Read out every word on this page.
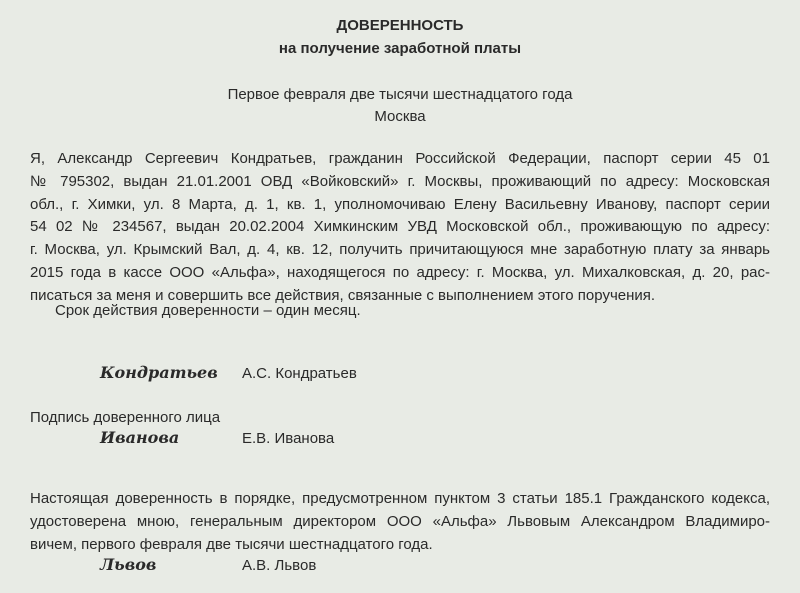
ДОВЕРЕННОСТЬ
на получение заработной платы
Первое февраля две тысячи шестнадцатого года
Москва
Я, Александр Сергеевич Кондратьев, гражданин Российской Федерации, паспорт серии 45 01
№ 795302, выдан 21.01.2001 ОВД «Войковский» г. Москвы, проживающий по адресу: Московская
обл., г. Химки, ул. 8 Марта, д. 1, кв. 1, уполномочиваю Елену Васильевну Иванову, паспорт серии
54 02 № 234567, выдан 20.02.2004 Химкинским УВД Московской обл., проживающую по адресу:
г. Москва, ул. Крымский Вал, д. 4, кв. 12, получить причитающуюся мне заработную плату за январь
2015 года в кассе ООО «Альфа», находящегося по адресу: г. Москва, ул. Михалковская, д. 20, рас-
писаться за меня и совершить все действия, связанные с выполнением этого поручения.
Срок действия доверенности – один месяц.
Кондратьев А.С. Кондратьев
Подпись доверенного лица
Иванова	Е.В. Иванова
Настоящая доверенность в порядке, предусмотренном пунктом 3 статьи 185.1 Гражданского кодекса,
удостоверена мною, генеральным директором ООО «Альфа» Львовым Александром Владимиро-
вичем, первого февраля две тысячи шестнадцатого года.
Львов	А.В. Львов
